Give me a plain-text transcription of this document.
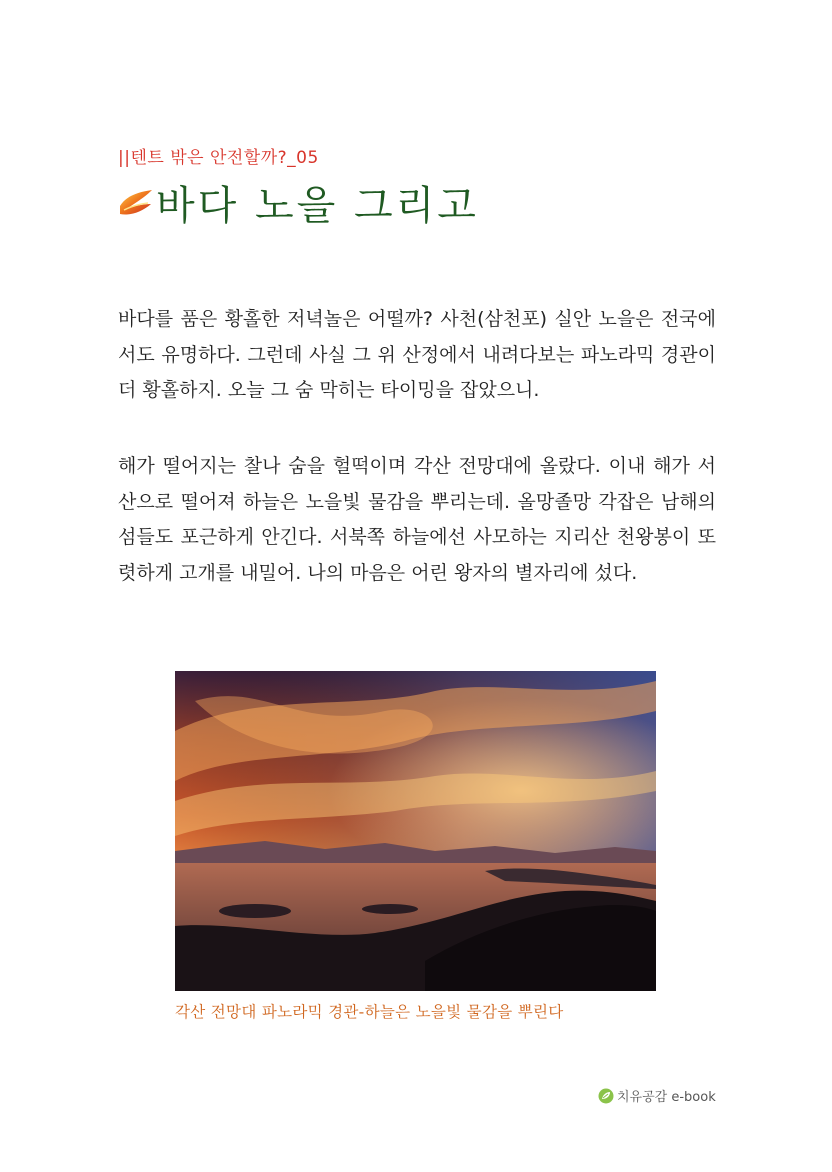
||텐트 밖은 안전할까?_05
바다 노을 그리고

바다를 품은 황홀한 저녁놀은 어떨까? 사천(삼천포) 실안 노을은 전국에서도 유명하다. 그런데 사실 그 위 산정에서 내려다보는 파노라믹 경관이 더 황홀하지. 오늘 그 숨 막히는 타이밍을 잡았으니.

해가 떨어지는 찰나 숨을 헐떡이며 각산 전망대에 올랐다. 이내 해가 서산으로 떨어져 하늘은 노을빛 물감을 뿌리는데. 올망졸망 각잡은 남해의 섬들도 포근하게 안긴다. 서북쪽 하늘에선 사모하는 지리산 천왕봉이 또렷하게 고개를 내밀어. 나의 마음은 어린 왕자의 별자리에 섰다.

각산 전망대 파노라믹 경관-하늘은 노을빛 물감을 뿌린다
치유공감 e-book
